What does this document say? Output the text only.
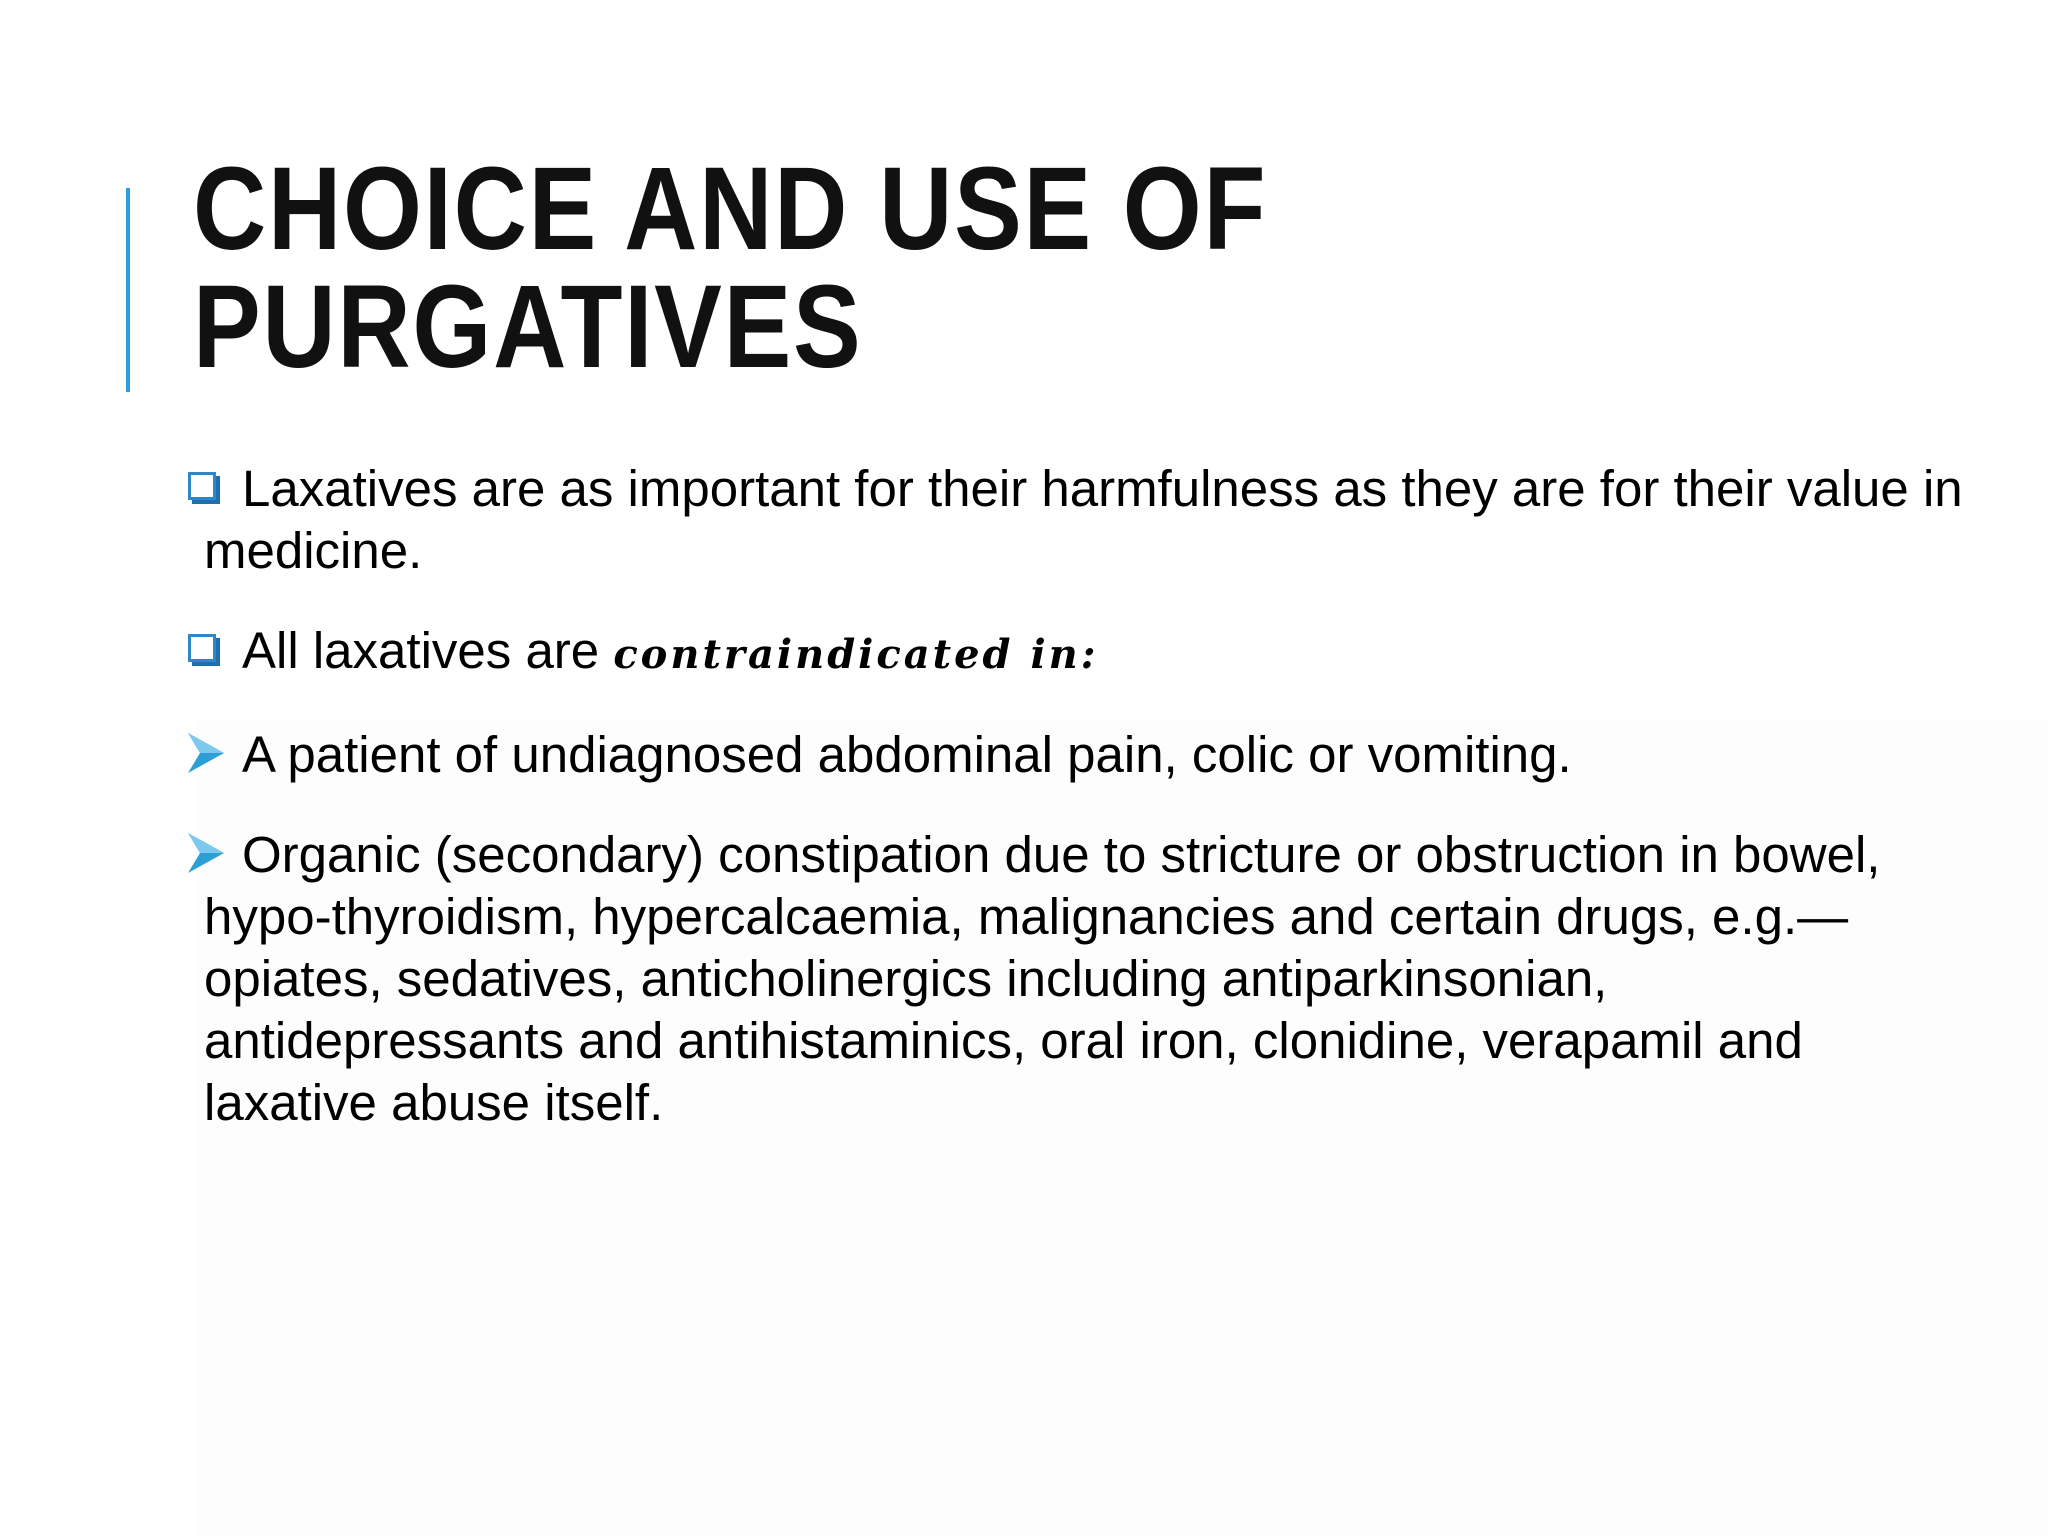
CHOICE AND USE OF
PURGATIVES
Laxatives are as important for their harmfulness as they are for their value in medicine.
All laxatives are contraindicated in:
A patient of undiagnosed abdominal pain, colic or vomiting.
Organic (secondary) constipation due to stricture or obstruction in bowel, hypo-thyroidism, hypercalcaemia, malignancies and certain drugs, e.g.—opiates, sedatives, anticholinergics including antiparkinsonian, antidepressants and antihistaminics, oral iron, clonidine, verapamil and laxative abuse itself.
